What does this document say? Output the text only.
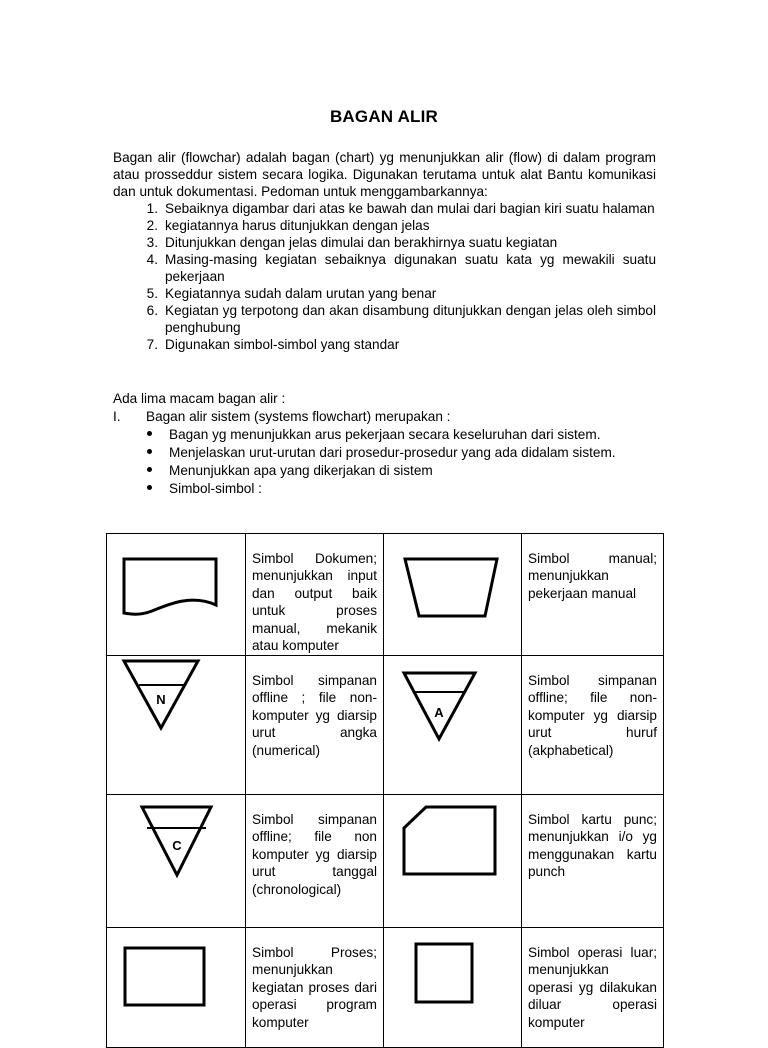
BAGAN ALIR
Bagan alir (flowchar) adalah bagan (chart) yg menunjukkan alir (flow) di dalam program atau prosseddur sistem secara logika. Digunakan terutama untuk alat Bantu komunikasi dan untuk dokumentasi. Pedoman untuk menggambarkannya:
1. Sebaiknya digambar dari atas ke bawah dan mulai dari bagian kiri suatu halaman
2. kegiatannya harus ditunjukkan dengan jelas
3. Ditunjukkan dengan jelas dimulai dan berakhirnya suatu kegiatan
4. Masing-masing kegiatan sebaiknya digunakan suatu kata yg mewakili suatu pekerjaan
5. Kegiatannya sudah dalam urutan yang benar
6. Kegiatan yg terpotong dan akan disambung ditunjukkan dengan jelas oleh simbol penghubung
7. Digunakan simbol-simbol yang standar
Ada lima macam bagan alir :
I.	Bagan alir sistem (systems flowchart) merupakan :
Bagan yg menunjukkan arus pekerjaan secara keseluruhan dari sistem.
Menjelaskan urut-urutan dari prosedur-prosedur yang ada didalam sistem.
Menunjukkan apa yang dikerjakan di sistem
Simbol-simbol :
	Simbol Dokumen; menunjukkan input dan output baik untuk proses manual, mekanik atau komputer		Simbol manual; menunjukkan pekerjaan manual

N	Simbol simpanan offline ; file non-komputer yg diarsip urut angka (numerical)	A	Simbol simpanan offline; file non-komputer yg diarsip urut huruf (akphabetical)

C	Simbol simpanan offline; file non komputer yg diarsip urut tanggal (chronological)		Simbol kartu punc; menunjukkan i/o yg menggunakan kartu punch

	Simbol Proses; menunjukkan kegiatan proses dari operasi program komputer		Simbol operasi luar; menunjukkan operasi yg dilakukan diluar operasi komputer
